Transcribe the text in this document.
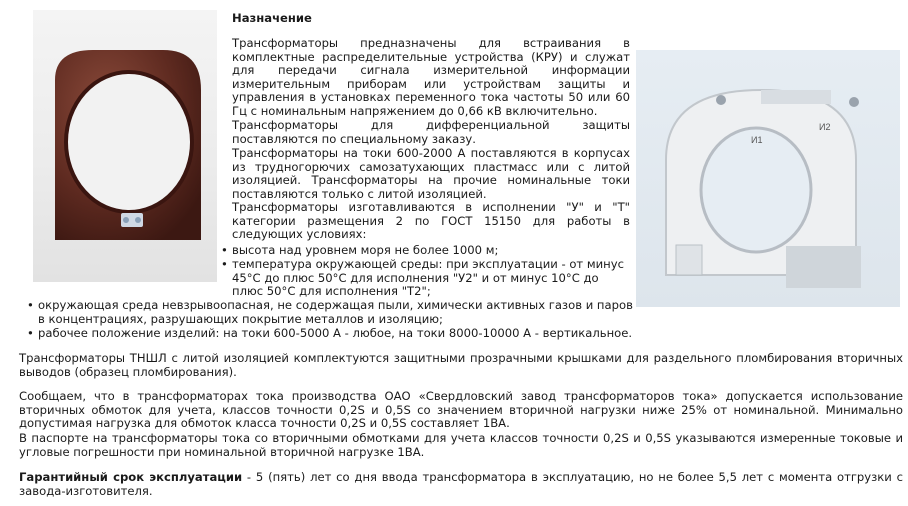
И1
И2

Назначение

Трансформаторы предназначены для встраивания в комплектные распределительные устройства (КРУ) и служат для передачи сигнала измерительной информации измерительным приборам или устройствам защиты и управления в установках переменного тока частоты 50 или 60 Гц с номинальным напряжением до 0,66 кВ включительно.

Трансформаторы для дифференциальной защиты поставляются по специальному заказу.

Трансформаторы на токи 600-2000 А поставляются в корпусах из трудногорючих самозатухающих пластмасс или с литой изоляцией. Трансформаторы на прочие номинальные токи поставляются только с литой изоляцией.

Трансформаторы изготавливаются в исполнении "У" и "Т" категории размещения 2 по ГОСТ 15150 для работы в следующих условиях:

• высота над уровнем моря не более 1000 м;
• температура окружающей среды: при эксплуатации - от минус 45°С до плюс 50°С для исполнения "У2" и от минус 10°С до плюс 50°С для исполнения "Т2";
• окружающая среда невзрывоопасная, не содержащая пыли, химически активных газов и паров в концентрациях, разрушающих покрытие металлов и изоляцию;
• рабочее положение изделий: на токи 600-5000 А - любое, на токи 8000-10000 А - вертикальное.

Трансформаторы ТНШЛ с литой изоляцией комплектуются защитными прозрачными крышками для раздельного пломбирования вторичных выводов (образец пломбирования).

Сообщаем, что в трансформаторах тока производства ОАО «Свердловский завод трансформаторов тока» допускается использование вторичных обмоток для учета, классов точности 0,2S и 0,5S со значением вторичной нагрузки ниже 25% от номинальной. Минимально допустимая нагрузка для обмоток класса точности 0,2S и 0,5S составляет 1ВА.

В паспорте на трансформаторы тока со вторичными обмотками для учета классов точности 0,2S и 0,5S указываются измеренные токовые и угловые погрешности при номинальной вторичной нагрузке 1ВА.

Гарантийный срок эксплуатации - 5 (пять) лет со дня ввода трансформатора в эксплуатацию, но не более 5,5 лет с момента отгрузки с завода-изготовителя.
